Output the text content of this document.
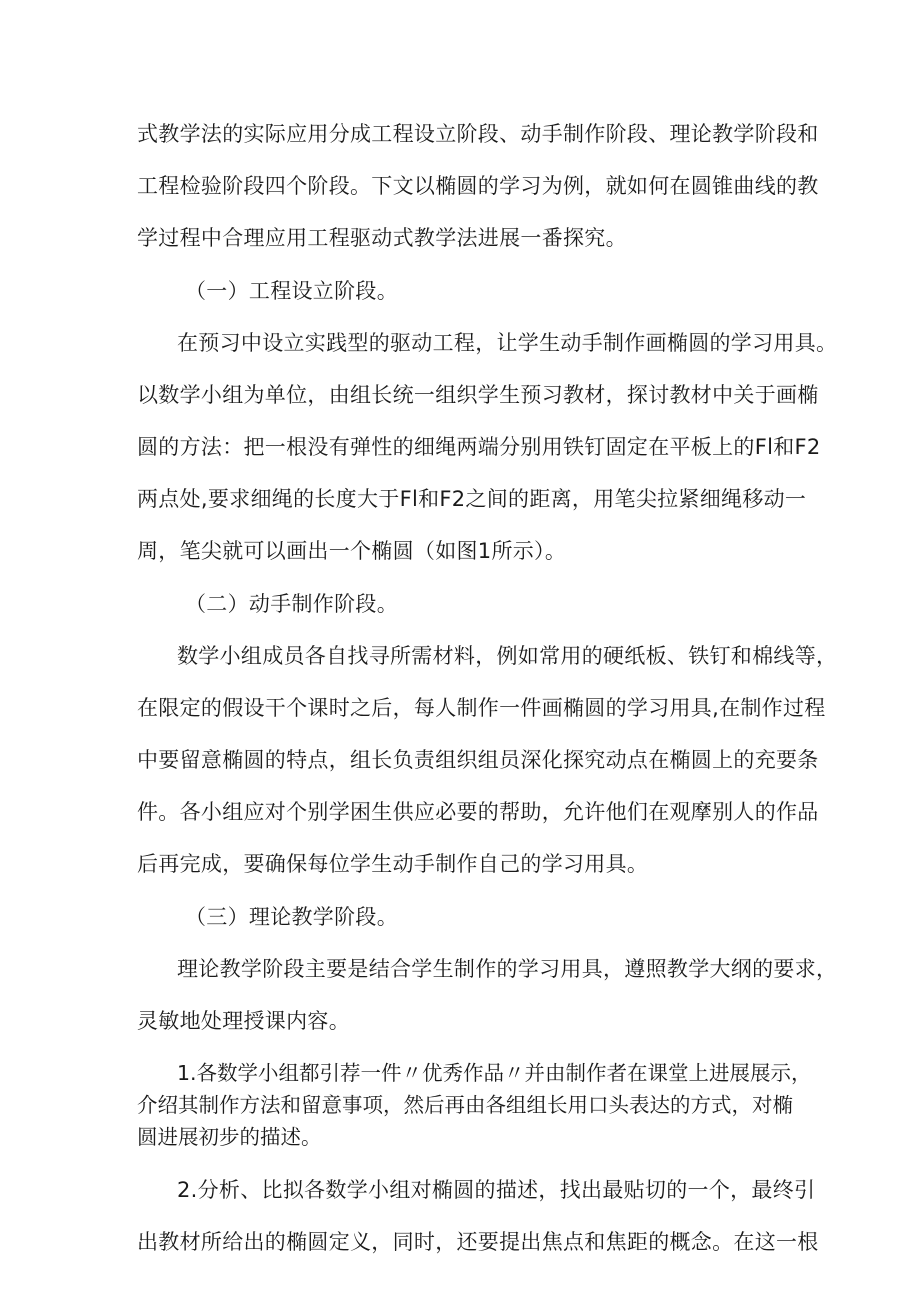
式教学法的实际应用分成工程设立阶段、动手制作阶段、理论教学阶段和
工程检验阶段四个阶段。下文以椭圆的学习为例，就如何在圆锥曲线的教
学过程中合理应用工程驱动式教学法进展一番探究。
（一）工程设立阶段。
在预习中设立实践型的驱动工程，让学生动手制作画椭圆的学习用具。
以数学小组为单位，由组长统一组织学生预习教材，探讨教材中关于画椭
圆的方法：把一根没有弹性的细绳两端分别用铁钉固定在平板上的Fl和F2
两点处,要求细绳的长度大于Fl和F2之间的距离，用笔尖拉紧细绳移动一
周，笔尖就可以画出一个椭圆（如图1所示）。
（二）动手制作阶段。
数学小组成员各自找寻所需材料，例如常用的硬纸板、铁钉和棉线等，
在限定的假设干个课时之后，每人制作一件画椭圆的学习用具,在制作过程
中要留意椭圆的特点，组长负责组织组员深化探究动点在椭圆上的充要条
件。各小组应对个别学困生供应必要的帮助，允许他们在观摩别人的作品
后再完成，要确保每位学生动手制作自己的学习用具。
（三）理论教学阶段。
理论教学阶段主要是结合学生制作的学习用具，遵照教学大纲的要求，
灵敏地处理授课内容。
1.各数学小组都引荐一件〃优秀作品〃并由制作者在课堂上进展展示，
介绍其制作方法和留意事项，然后再由各组组长用口头表达的方式，对椭
圆进展初步的描述。
2.分析、比拟各数学小组对椭圆的描述，找出最贴切的一个，最终引
出教材所给出的椭圆定义，同时，还要提出焦点和焦距的概念。在这一根
